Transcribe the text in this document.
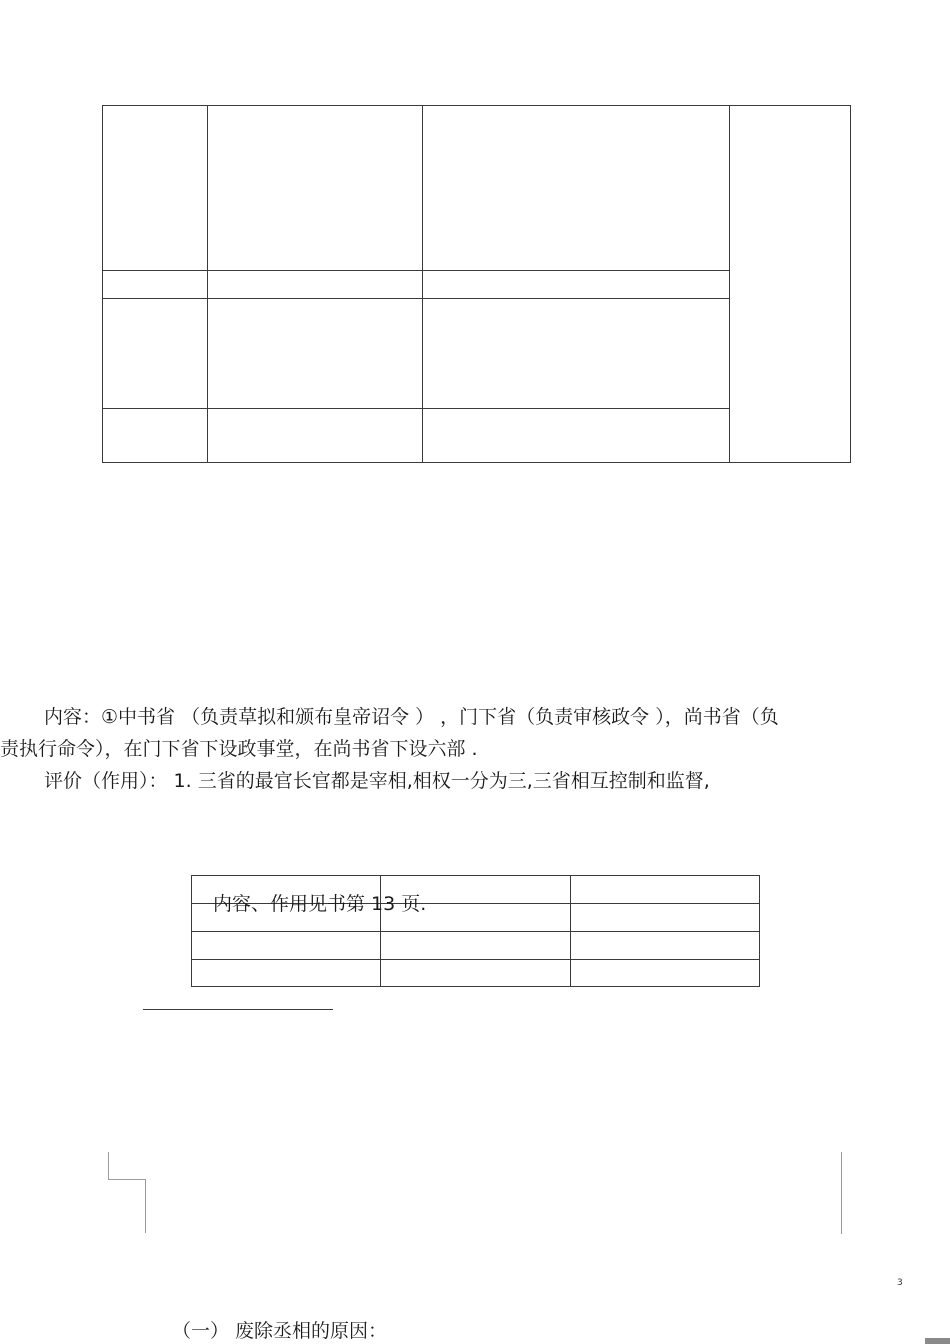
内容：①中书省 （负责草拟和颁布皇帝诏令 ） ，门下省（负责审核政令 ），尚书省（负
责执行命令），在门下省下设政事堂，在尚书省下设六部 .
评价（作用）： 1. 三省的最官长官都是宰相,相权一分为三,三省相互控制和监督,
内容、作用见书第 13 页.
3
（一） 废除丞相的原因：
